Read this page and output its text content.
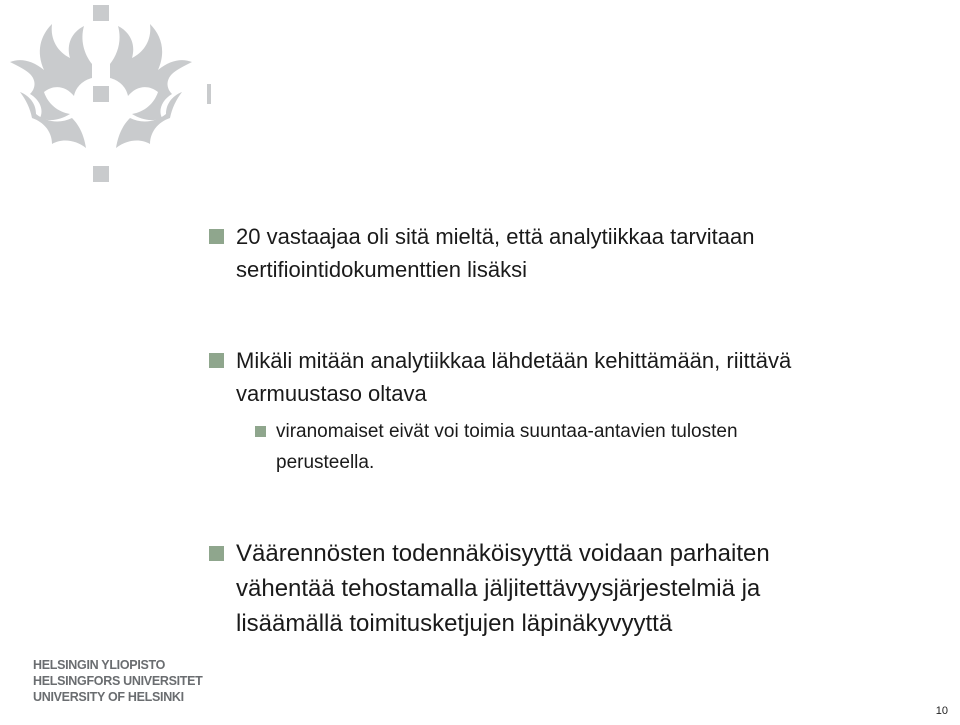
20 vastaajaa oli sitä mieltä, että analytiikkaa tarvitaan
sertifiointidokumenttien lisäksi
Mikäli mitään analytiikkaa lähdetään kehittämään, riittävä
varmuustaso oltava
viranomaiset eivät voi toimia suuntaa-antavien tulosten
perusteella.
Väärennösten todennäköisyyttä voidaan parhaiten
vähentää tehostamalla jäljitettävyysjärjestelmiä ja
lisäämällä toimitusketjujen läpinäkyvyyttä
HELSINGIN YLIOPISTO
HELSINGFORS UNIVERSITET
UNIVERSITY OF HELSINKI
10
